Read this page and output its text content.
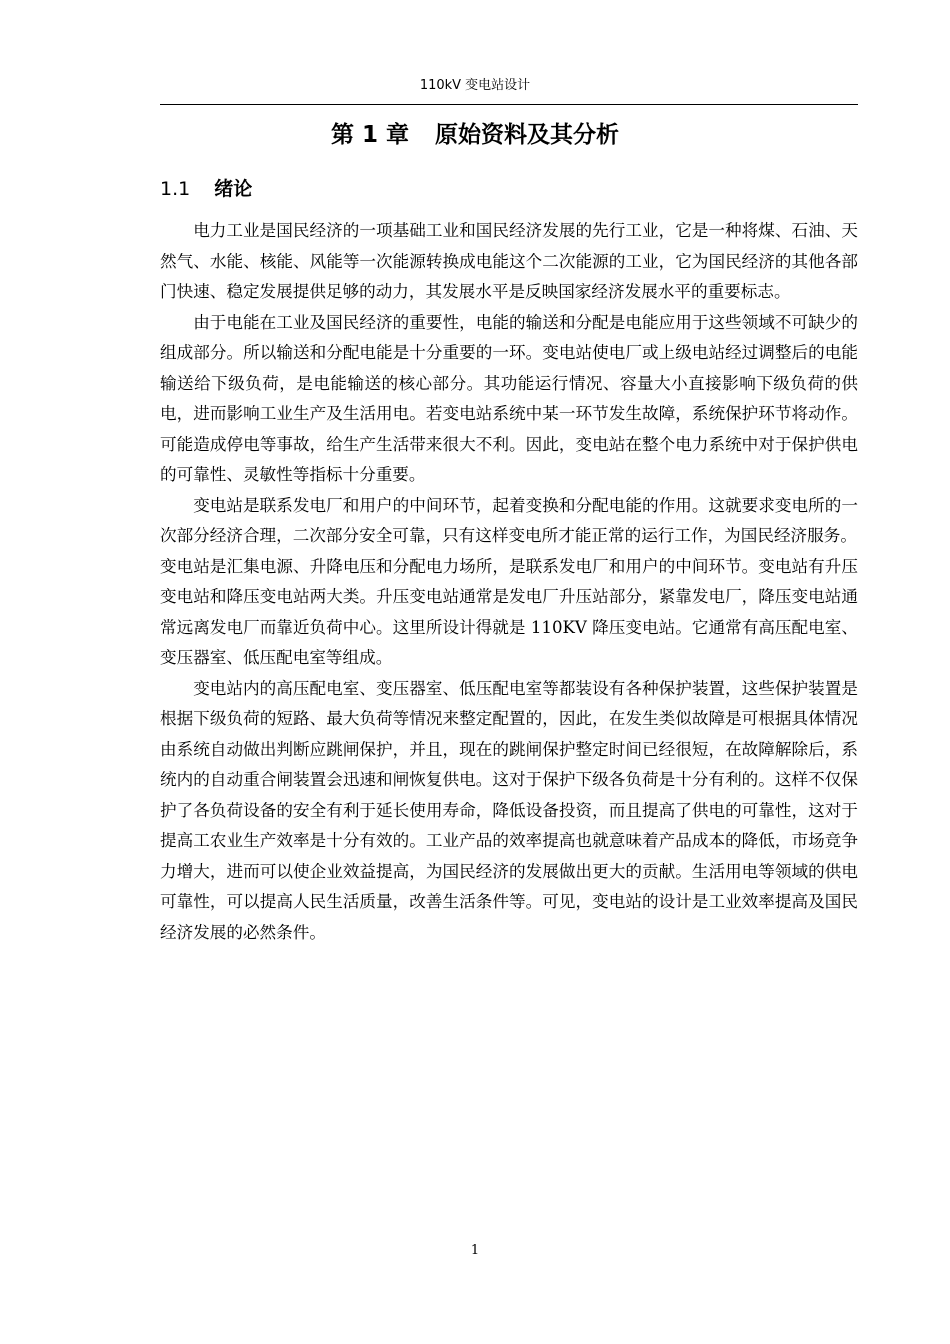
110kV 变电站设计
第 1 章 原始资料及其分析
1.1 绪论

电力工业是国民经济的一项基础工业和国民经济发展的先行工业，它是一种将煤、石油、天然气、水能、核能、风能等一次能源转换成电能这个二次能源的工业，它为国民经济的其他各部门快速、稳定发展提供足够的动力，其发展水平是反映国家经济发展水平的重要标志。

由于电能在工业及国民经济的重要性，电能的输送和分配是电能应用于这些领域不可缺少的组成部分。所以输送和分配电能是十分重要的一环。变电站使电厂或上级电站经过调整后的电能输送给下级负荷，是电能输送的核心部分。其功能运行情况、容量大小直接影响下级负荷的供电，进而影响工业生产及生活用电。若变电站系统中某一环节发生故障，系统保护环节将动作。可能造成停电等事故，给生产生活带来很大不利。因此，变电站在整个电力系统中对于保护供电的可靠性、灵敏性等指标十分重要。

变电站是联系发电厂和用户的中间环节，起着变换和分配电能的作用。这就要求变电所的一次部分经济合理，二次部分安全可靠，只有这样变电所才能正常的运行工作，为国民经济服务。

变电站是汇集电源、升降电压和分配电力场所，是联系发电厂和用户的中间环节。变电站有升压变电站和降压变电站两大类。升压变电站通常是发电厂升压站部分，紧靠发电厂，降压变电站通常远离发电厂而靠近负荷中心。这里所设计得就是 110KV 降压变电站。它通常有高压配电室、变压器室、低压配电室等组成。

变电站内的高压配电室、变压器室、低压配电室等都装设有各种保护装置，这些保护装置是根据下级负荷的短路、最大负荷等情况来整定配置的，因此，在发生类似故障是可根据具体情况由系统自动做出判断应跳闸保护，并且，现在的跳闸保护整定时间已经很短，在故障解除后，系统内的自动重合闸装置会迅速和闸恢复供电。这对于保护下级各负荷是十分有利的。这样不仅保护了各负荷设备的安全有利于延长使用寿命，降低设备投资，而且提高了供电的可靠性，这对于提高工农业生产效率是十分有效的。工业产品的效率提高也就意味着产品成本的降低，市场竞争力增大，进而可以使企业效益提高，为国民经济的发展做出更大的贡献。生活用电等领域的供电可靠性，可以提高人民生活质量，改善生活条件等。可见，变电站的设计是工业效率提高及国民经济发展的必然条件。

1
